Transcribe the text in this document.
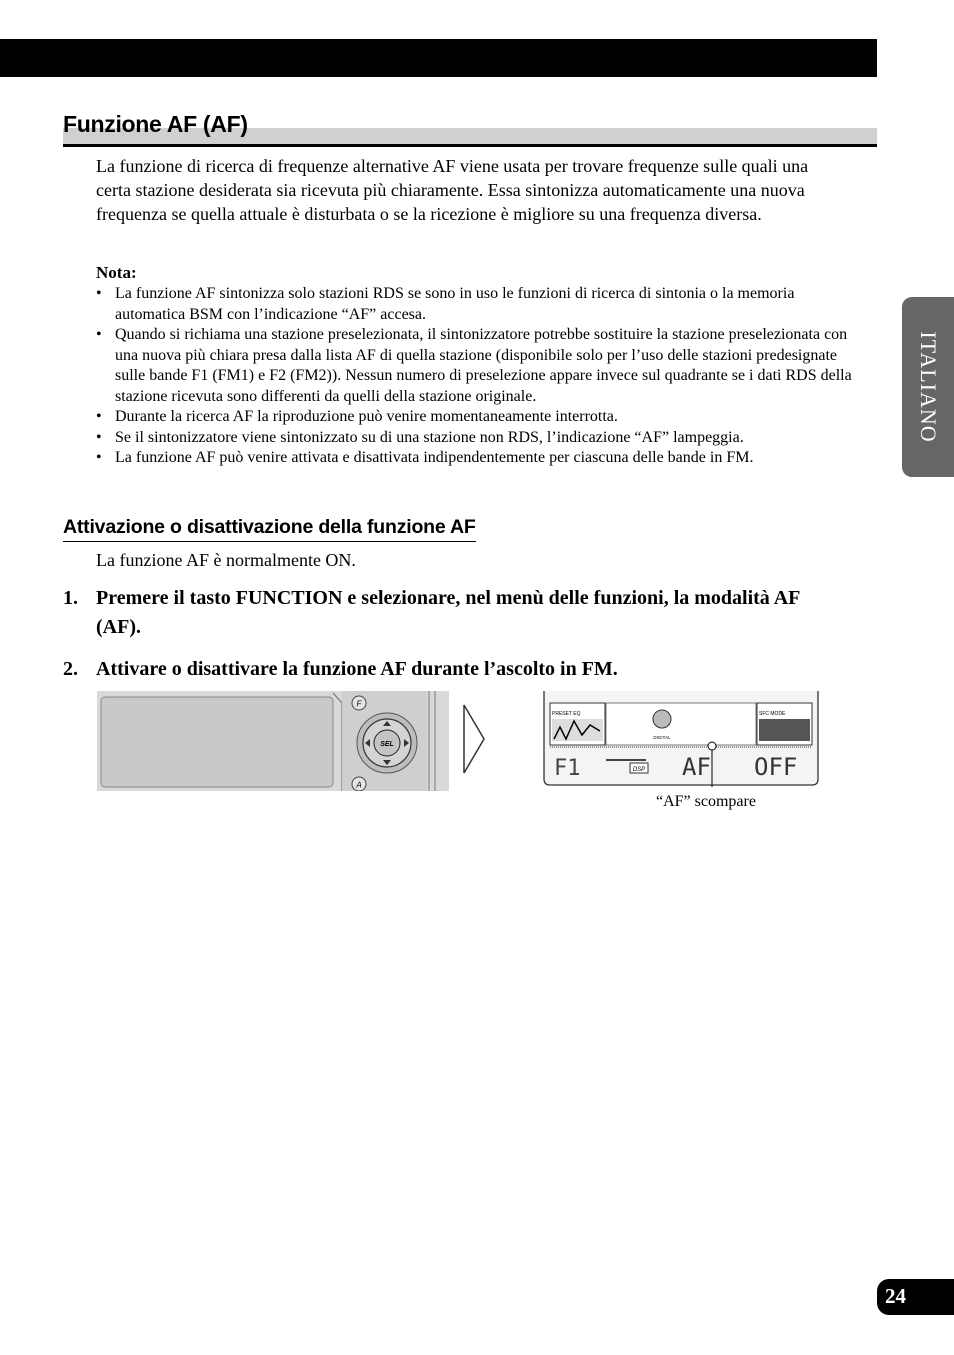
Funzione AF (AF)

La funzione di ricerca di frequenze alternative AF viene usata per trovare frequenze sulle quali una certa stazione desiderata sia ricevuta più chiaramente. Essa sintonizza automaticamente una nuova frequenza se quella attuale è disturbata o se la ricezione è migliore su una frequenza diversa.

Nota:

• La funzione AF sintonizza solo stazioni RDS se sono in uso le funzioni di ricerca di sintonia o la memoria automatica BSM con l’indicazione “AF” accesa.
• Quando si richiama una stazione preselezionata, il sintonizzatore potrebbe sostituire la stazione preselezionata con una nuova più chiara presa dalla lista AF di quella stazione (disponibile solo per l’uso delle stazioni predesignate sulle bande F1 (FM1) e F2 (FM2)). Nessun numero di preselezione appare invece sul quadrante se i dati RDS della stazione ricevuta sono differenti da quelli della stazione originale.
• Durante la ricerca AF la riproduzione può venire momentaneamente interrotta.
• Se il sintonizzatore viene sintonizzato su di una stazione non RDS, l’indicazione “AF” lampeggia.
• La funzione AF può venire attivata e disattivata indipendentemente per ciascuna delle bande in FM.
Attivazione o disattivazione della funzione AF

La funzione AF è normalmente ON.

1. Premere il tasto FUNCTION e selezionare, nel menù delle funzioni, la modalità AF (AF).
2. Attivare o disattivare la funzione AF durante l’ascolto in FM.
F
SEL
A
PRESET EQ
DIGITAL
SFC MODE
F1	DSP AF OFF

“AF” scompare

ITALIANO
24
